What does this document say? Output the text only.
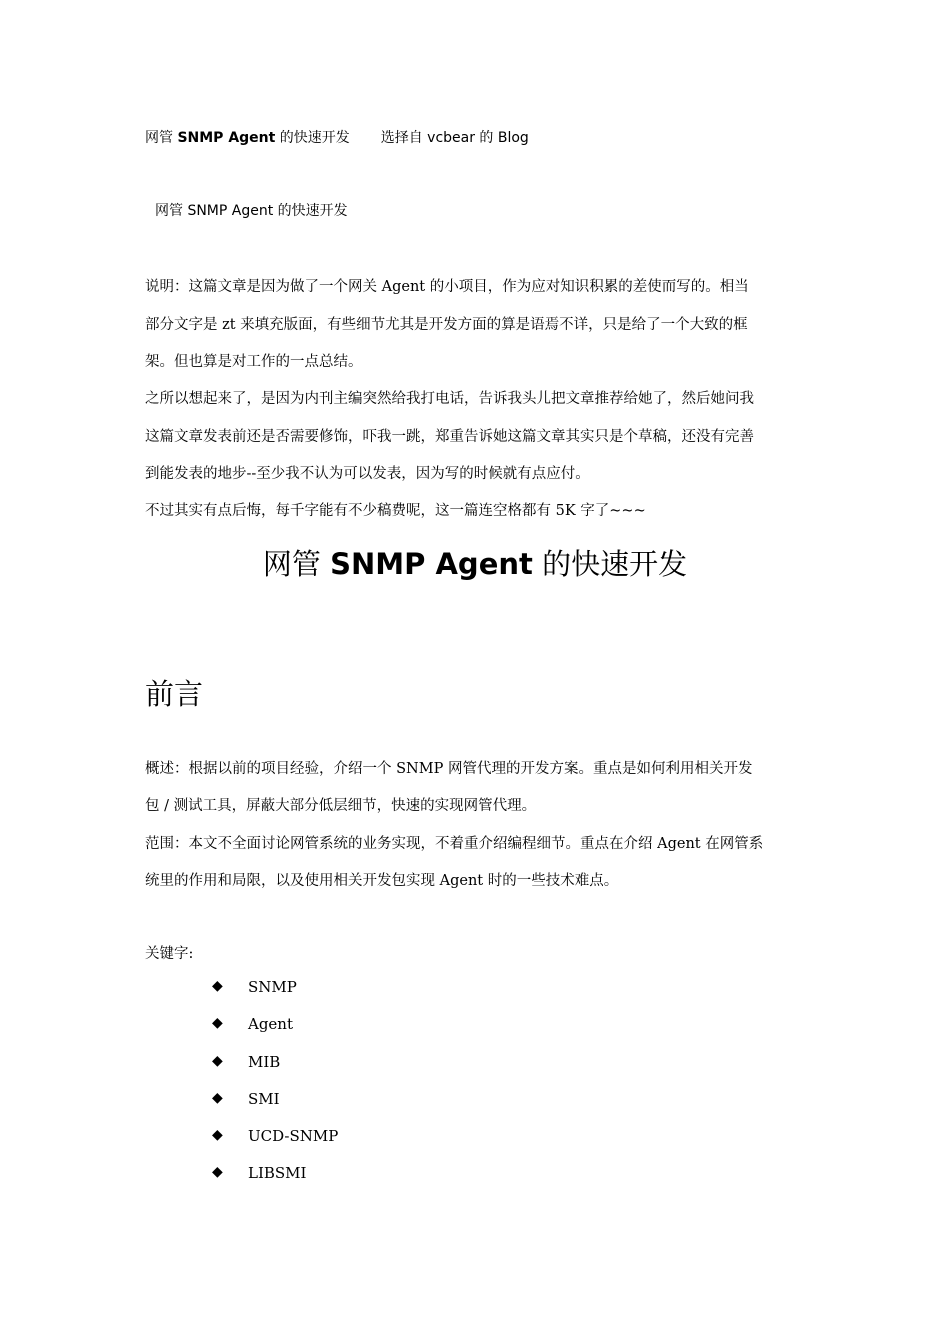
网管 SNMP Agent 的快速开发 选择自 vcbear 的 Blog
网管 SNMP Agent 的快速开发
说明：这篇文章是因为做了一个网关 Agent 的小项目，作为应对知识积累的差使而写的。相当
部分文字是 zt 来填充版面，有些细节尤其是开发方面的算是语焉不详，只是给了一个大致的框
架。但也算是对工作的一点总结。
之所以想起来了，是因为内刊主编突然给我打电话，告诉我头儿把文章推荐给她了，然后她问我
这篇文章发表前还是否需要修饰，吓我一跳，郑重告诉她这篇文章其实只是个草稿，还没有完善
到能发表的地步--至少我不认为可以发表，因为写的时候就有点应付。
不过其实有点后悔，每千字能有不少稿费呢，这一篇连空格都有 5K 字了~~~
网管 SNMP Agent 的快速开发
前言
概述：根据以前的项目经验，介绍一个 SNMP 网管代理的开发方案。重点是如何利用相关开发
包 / 测试工具，屏蔽大部分低层细节，快速的实现网管代理。
范围：本文不全面讨论网管系统的业务实现，不着重介绍编程细节。重点在介绍 Agent 在网管系
统里的作用和局限，以及使用相关开发包实现 Agent 时的一些技术难点。
关键字:
◆ SNMP
◆ Agent
◆ MIB
◆ SMI
◆ UCD-SNMP
◆ LIBSMI
